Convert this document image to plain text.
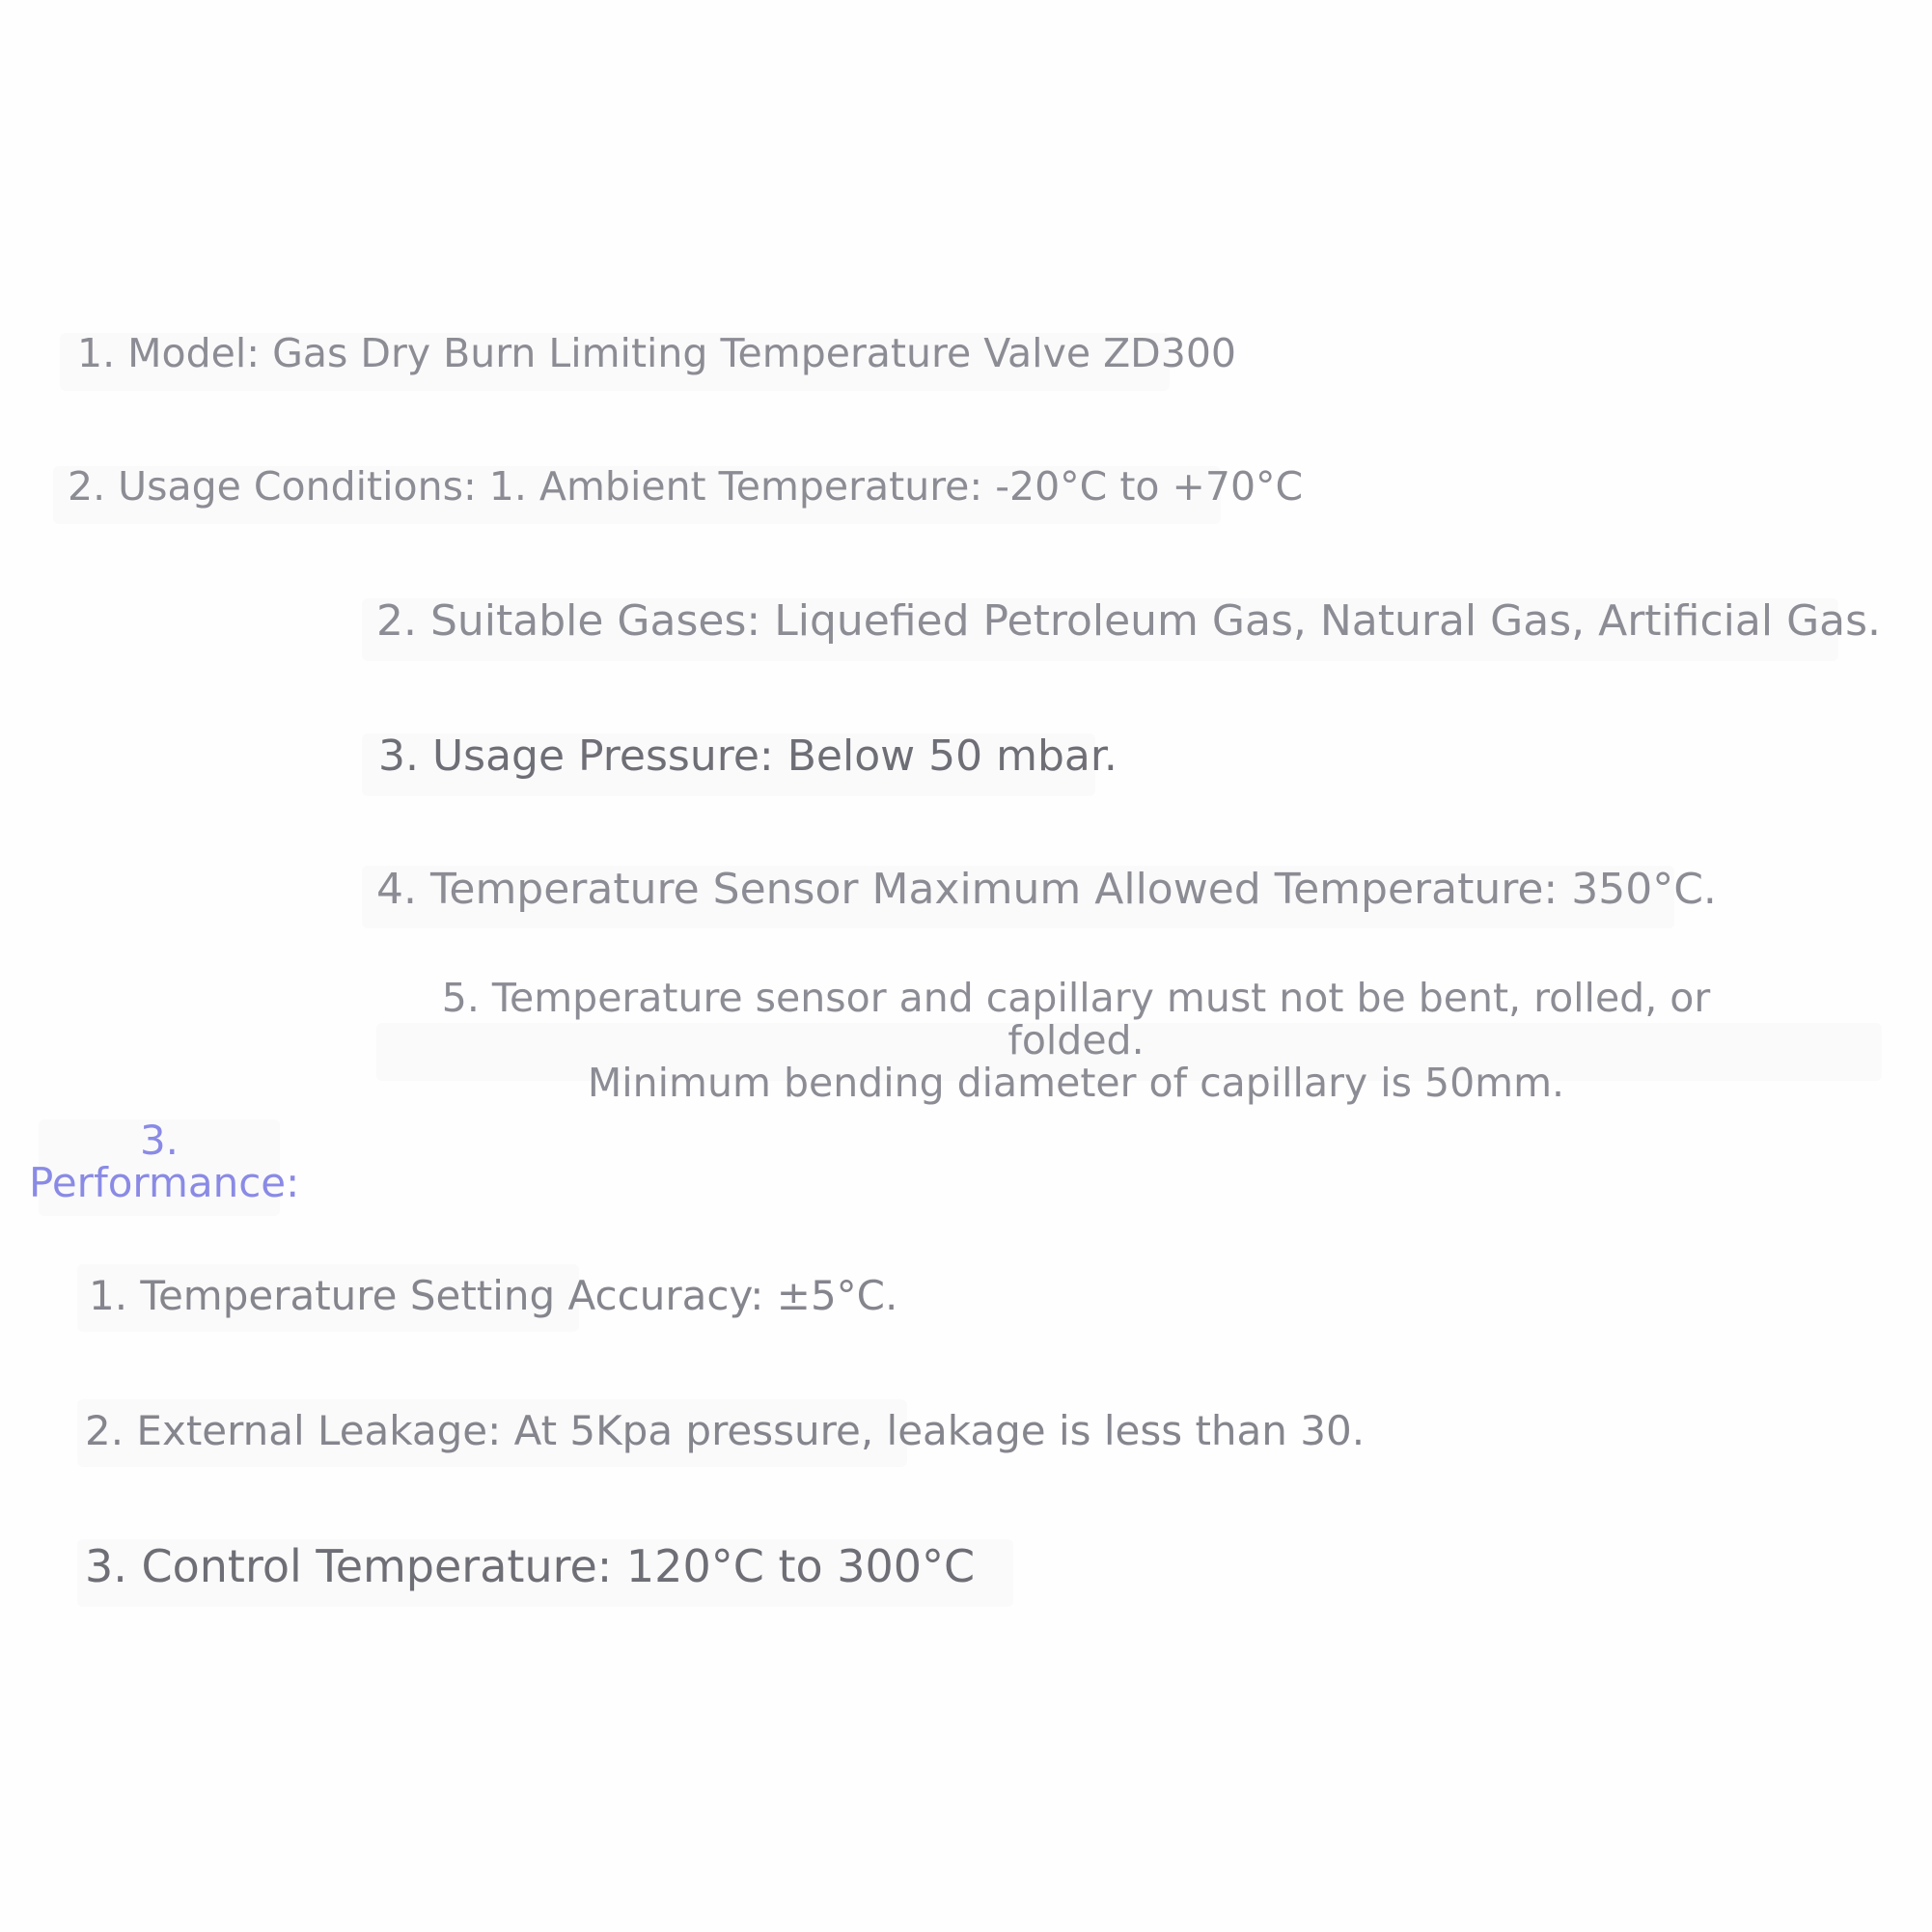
1. Model: Gas Dry Burn Limiting Temperature Valve ZD300
2. Usage Conditions: 1. Ambient Temperature: -20°C to +70°C
2. Suitable Gases: Liquefied Petroleum Gas, Natural Gas, Artificial Gas.
3. Usage Pressure: Below 50 mbar.
4. Temperature Sensor Maximum Allowed Temperature: 350°C.
5. Temperature sensor and capillary must not be bent, rolled, or folded.
Minimum bending diameter of capillary is 50mm.
3.
Performance:
1. Temperature Setting Accuracy: ±5°C.
2. External Leakage: At 5Kpa pressure, leakage is less than 30.
3. Control Temperature: 120°C to 300°C
